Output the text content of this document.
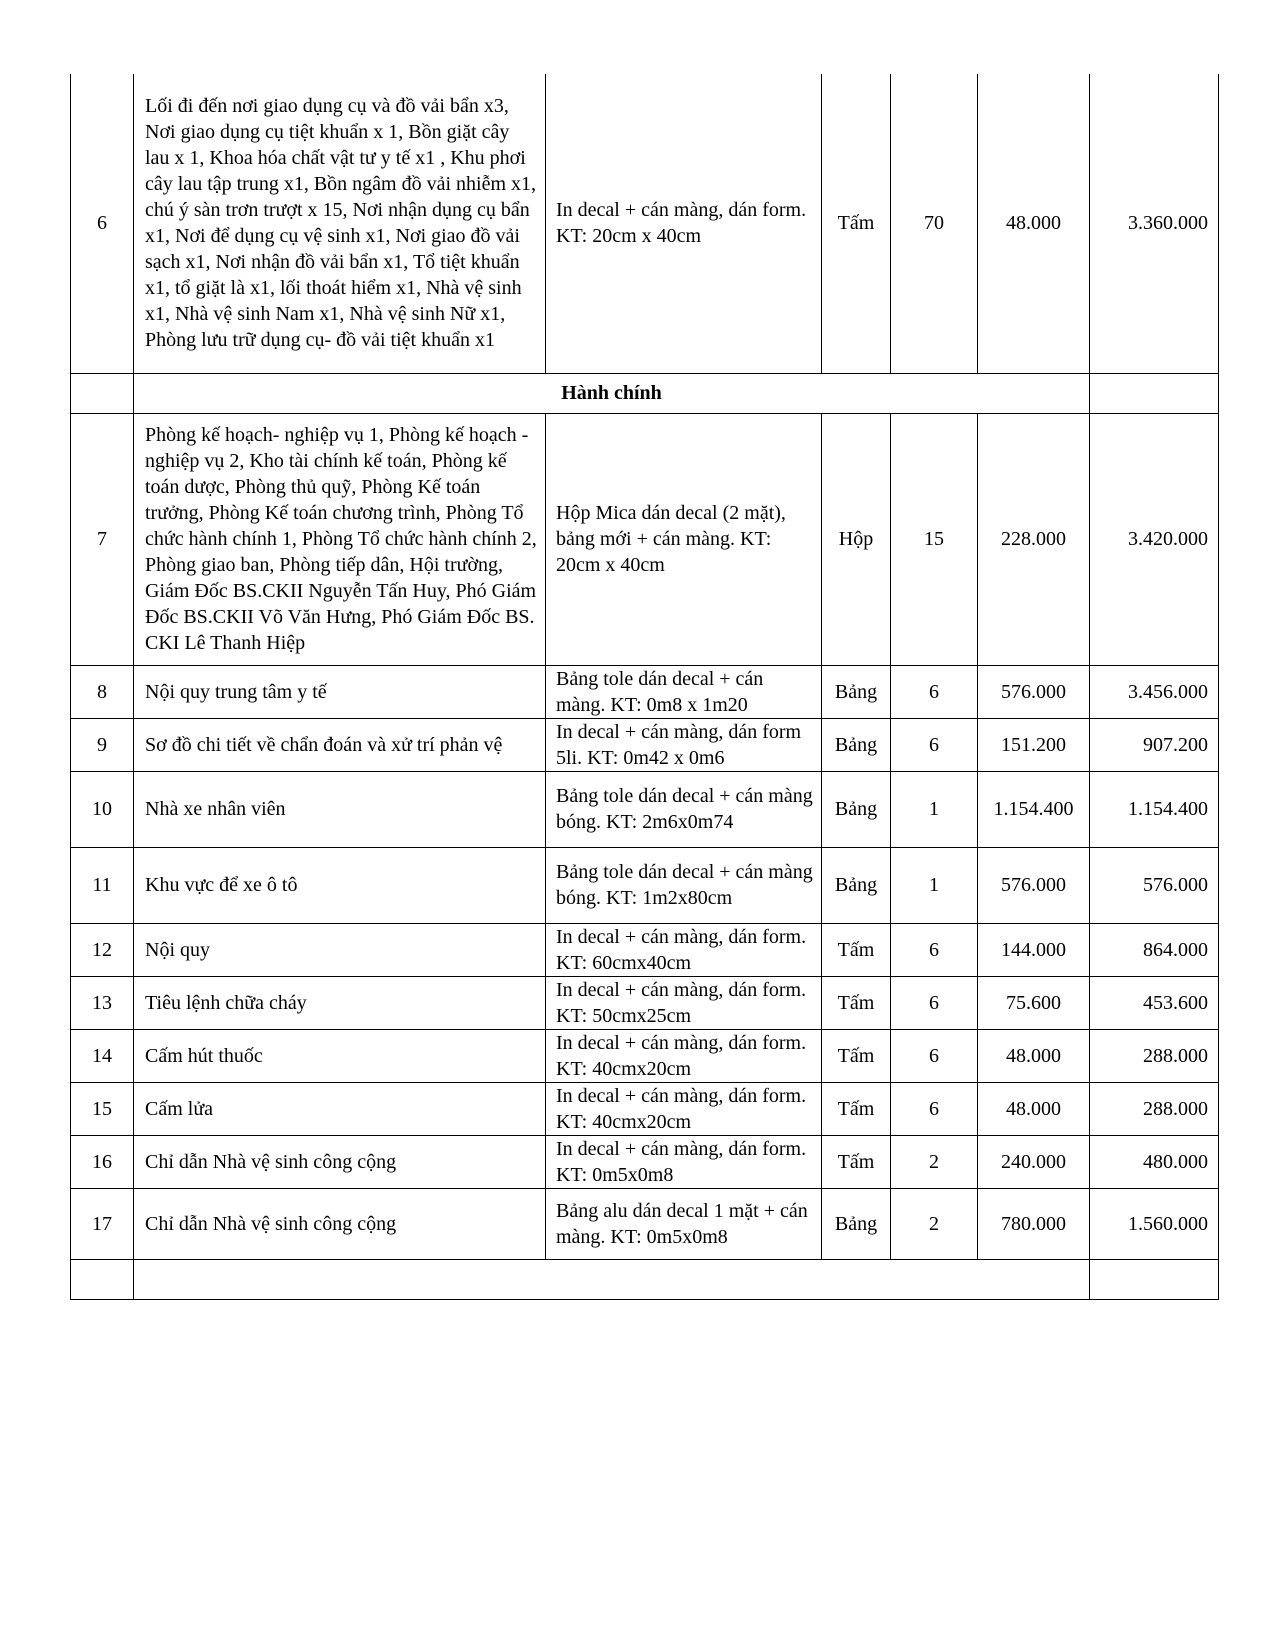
6	Lối đi đến nơi giao dụng cụ và đồ vải bẩn x3, Nơi giao dụng cụ tiệt khuẩn x 1, Bồn giặt cây lau x 1, Khoa hóa chất vật tư y tế x1 , Khu phơi cây lau tập trung x1, Bồn ngâm đồ vải nhiễm x1, chú ý sàn trơn trượt x 15, Nơi nhận dụng cụ bẩn x1, Nơi để dụng cụ vệ sinh x1, Nơi giao đồ vải sạch x1, Nơi nhận đồ vải bẩn x1, Tổ tiệt khuẩn x1, tổ giặt là x1, lối thoát hiểm x1, Nhà vệ sinh x1, Nhà vệ sinh Nam x1, Nhà vệ sinh Nữ x1, Phòng lưu trữ dụng cụ- đồ vải tiệt khuẩn x1	In decal + cán màng, dán form. KT: 20cm x 40cm	Tấm	70	48.000	3.360.000
	Hành chính					
7	Phòng kế hoạch- nghiệp vụ 1, Phòng kế hoạch - nghiệp vụ 2, Kho tài chính kế toán, Phòng kế toán dược, Phòng thủ quỹ, Phòng Kế toán trưởng, Phòng Kế toán chương trình, Phòng Tổ chức hành chính 1, Phòng Tổ chức hành chính 2, Phòng giao ban, Phòng tiếp dân, Hội trường, Giám Đốc BS.CKII Nguyễn Tấn Huy, Phó Giám Đốc BS.CKII Võ Văn Hưng, Phó Giám Đốc BS. CKI Lê Thanh Hiệp	Hộp Mica dán decal (2 mặt), bảng mới + cán màng. KT: 20cm x 40cm	Hộp	15	228.000	3.420.000
8	Nội quy trung tâm y tế	Bảng tole dán decal + cán màng. KT: 0m8 x 1m20	Bảng	6	576.000	3.456.000
9	Sơ đồ chi tiết về chẩn đoán và xử trí phản vệ	In decal + cán màng, dán form 5li. KT: 0m42 x 0m6	Bảng	6	151.200	907.200
10	Nhà xe nhân viên	Bảng tole dán decal + cán màng bóng. KT: 2m6x0m74	Bảng	1	1.154.400	1.154.400
11	Khu vực để xe ô tô	Bảng tole dán decal + cán màng bóng. KT: 1m2x80cm	Bảng	1	576.000	576.000
12	Nội quy	In decal + cán màng, dán form. KT: 60cmx40cm	Tấm	6	144.000	864.000
13	Tiêu lệnh chữa cháy	In decal + cán màng, dán form. KT: 50cmx25cm	Tấm	6	75.600	453.600
14	Cấm hút thuốc	In decal + cán màng, dán form. KT: 40cmx20cm	Tấm	6	48.000	288.000
15	Cấm lửa	In decal + cán màng, dán form. KT: 40cmx20cm	Tấm	6	48.000	288.000
16	Chỉ dẫn Nhà vệ sinh công cộng	In decal + cán màng, dán form. KT: 0m5x0m8	Tấm	2	240.000	480.000
17	Chỉ dẫn Nhà vệ sinh công cộng	Bảng alu dán decal 1 mặt + cán màng. KT: 0m5x0m8	Bảng	2	780.000	1.560.000
